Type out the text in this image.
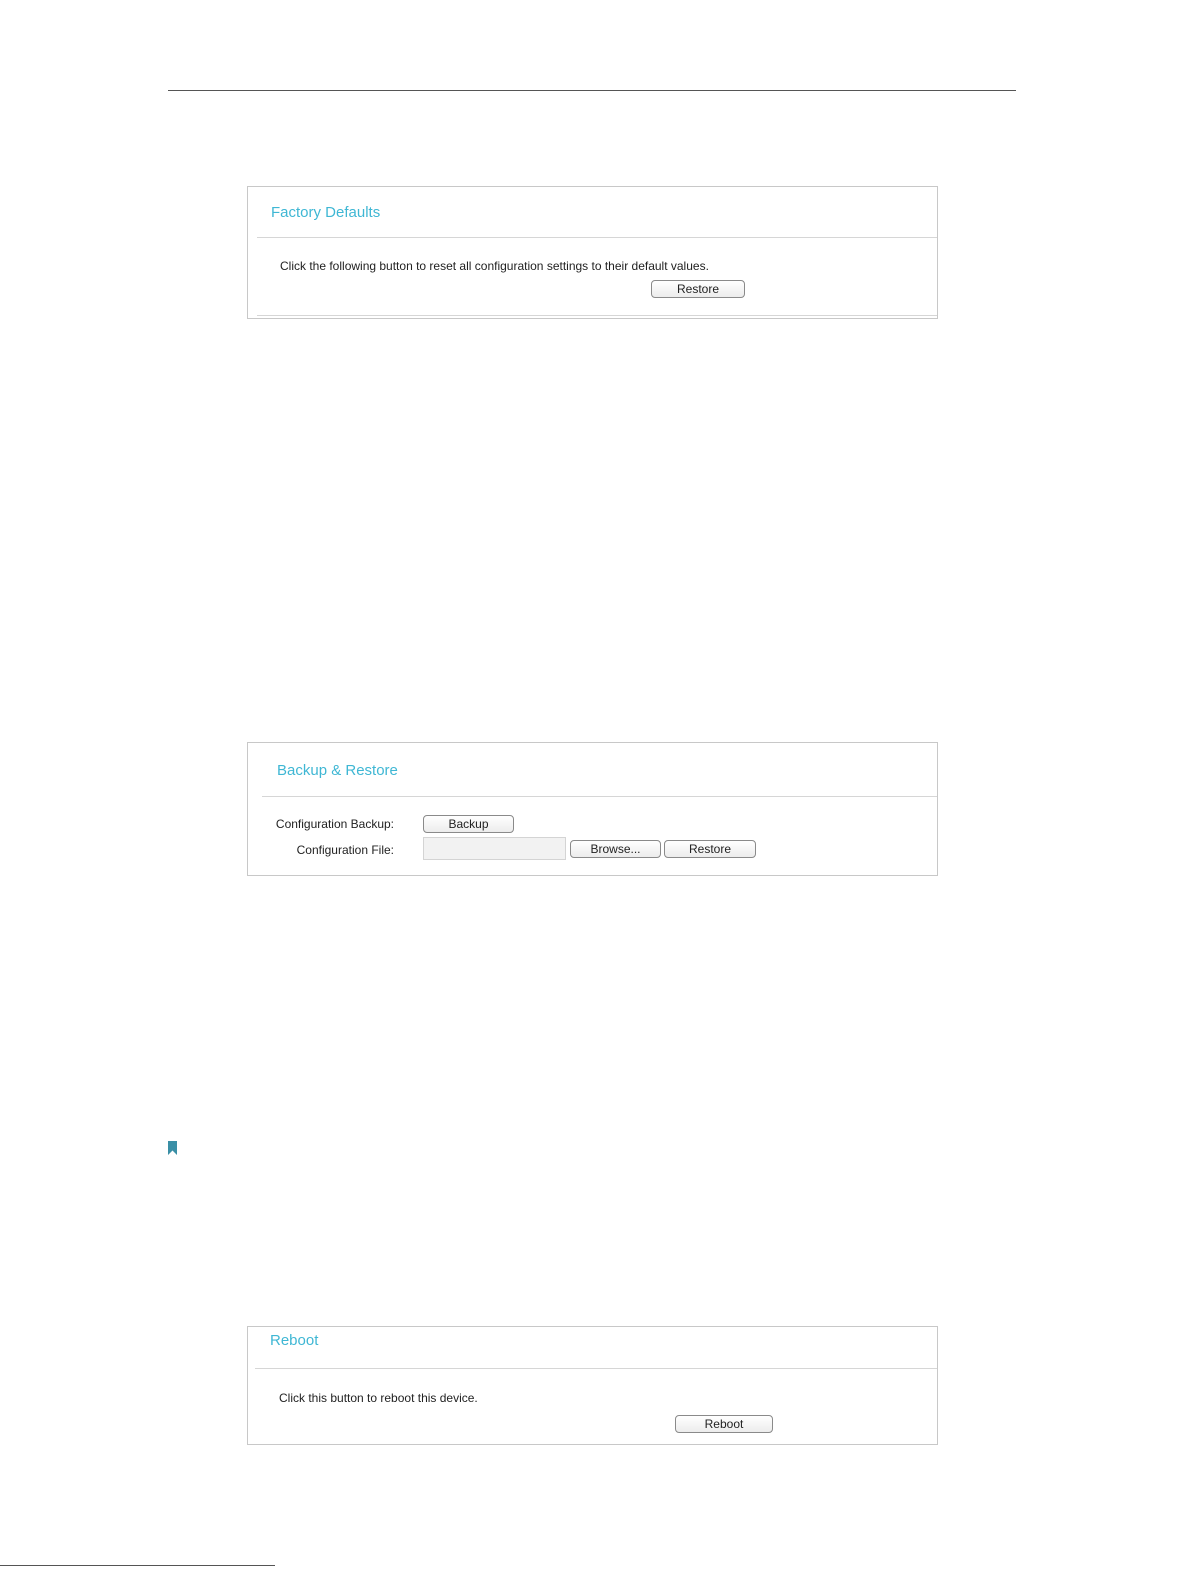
Factory Defaults
Click the following button to reset all configuration settings to their default values.
Restore
Backup & Restore
Configuration Backup:	Backup
Configuration File:	Browse...	Restore
Reboot
Click this button to reboot this device.
Reboot
